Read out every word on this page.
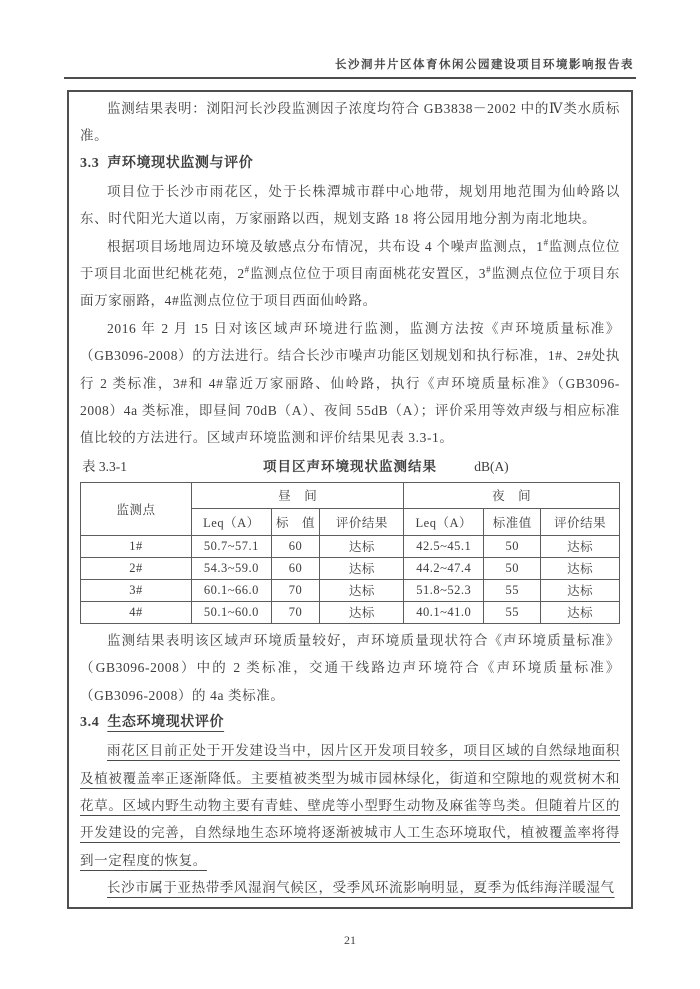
长沙洞井片区体育休闲公园建设项目环境影响报告表

监测结果表明：浏阳河长沙段监测因子浓度均符合 GB3838－2002 中的Ⅳ类水质标准。

3.3 声环境现状监测与评价

项目位于长沙市雨花区，处于长株潭城市群中心地带，规划用地范围为仙岭路以东、时代阳光大道以南，万家丽路以西，规划支路 18 将公园用地分割为南北地块。

根据项目场地周边环境及敏感点分布情况，共布设 4 个噪声监测点，1#监测点位位于项目北面世纪桃花苑，2#监测点位位于项目南面桃花安置区，3#监测点位位于项目东面万家丽路，4#监测点位位于项目西面仙岭路。

2016 年 2 月 15 日对该区域声环境进行监测，监测方法按《声环境质量标准》（GB3096-2008）的方法进行。结合长沙市噪声功能区划规划和执行标准，1#、2#处执行 2 类标准，3#和 4#靠近万家丽路、仙岭路，执行《声环境质量标准》（GB3096-2008）4a 类标准，即昼间 70dB（A）、夜间 55dB（A）；评价采用等效声级与相应标准值比较的方法进行。区域声环境监测和评价结果见表 3.3-1。

表 3.3-1	项目区声环境现状监测结果	dB(A)
监测点	昼　间			夜　间		
	Leq（A）	标　值	评价结果	Leq（A）	标准值	评价结果
1#	50.7~57.1	60	达标	42.5~45.1	50	达标
2#	54.3~59.0	60	达标	44.2~47.4	50	达标
3#	60.1~66.0	70	达标	51.8~52.3	55	达标
4#	50.1~60.0	70	达标	40.1~41.0	55	达标

监测结果表明该区域声环境质量较好，声环境质量现状符合《声环境质量标准》（GB3096-2008）中的 2 类标准，交通干线路边声环境符合《声环境质量标准》（GB3096-2008）的 4a 类标准。

3.4 生态环境现状评价

雨花区目前正处于开发建设当中，因片区开发项目较多，项目区域的自然绿地面积及植被覆盖率正逐渐降低。主要植被类型为城市园林绿化，街道和空隙地的观赏树木和花草。区域内野生动物主要有青蛙、壁虎等小型野生动物及麻雀等鸟类。但随着片区的开发建设的完善，自然绿地生态环境将逐渐被城市人工生态环境取代，植被覆盖率将得到一定程度的恢复。

长沙市属于亚热带季风湿润气候区，受季风环流影响明显，夏季为低纬海洋暖湿气

21
